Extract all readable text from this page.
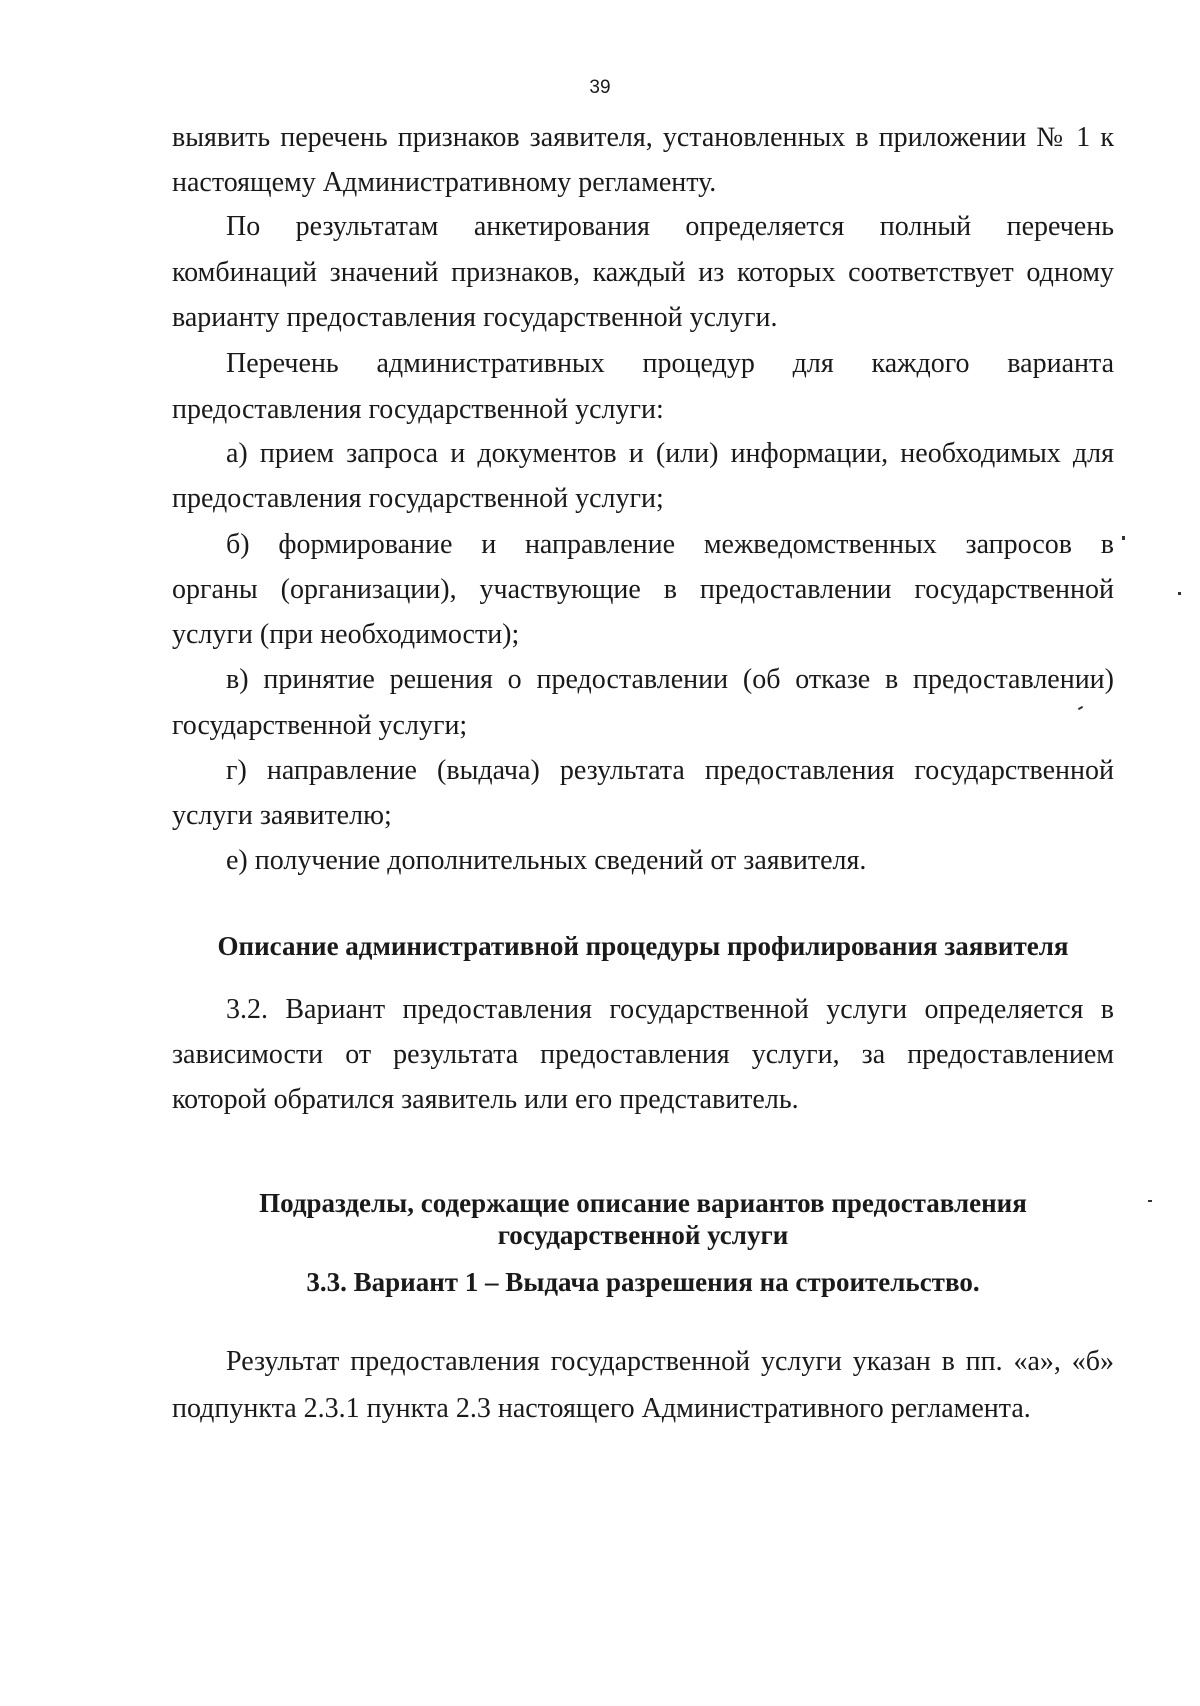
39
выявить перечень признаков заявителя, установленных в приложении № 1 к
настоящему Административному регламенту.
По результатам анкетирования определяется полный перечень
комбинаций значений признаков, каждый из которых соответствует одному
варианту предоставления государственной услуги.
Перечень административных процедур для каждого варианта
предоставления государственной услуги:
а) прием запроса и документов и (или) информации, необходимых для
предоставления государственной услуги;
б) формирование и направление межведомственных запросов в
органы (организации), участвующие в предоставлении государственной
услуги (при необходимости);
в) принятие решения о предоставлении (об отказе в предоставлении)
государственной услуги;
г) направление (выдача) результата предоставления государственной
услуги заявителю;
е) получение дополнительных сведений от заявителя.
Описание административной процедуры профилирования заявителя
3.2. Вариант предоставления государственной услуги определяется в
зависимости от результата предоставления услуги, за предоставлением
которой обратился заявитель или его представитель.
Подразделы, содержащие описание вариантов предоставления
государственной услуги
3.3. Вариант 1 – Выдача разрешения на строительство.
Результат предоставления государственной услуги указан в пп. «а», «б»
подпункта 2.3.1 пункта 2.3 настоящего Административного регламента.
